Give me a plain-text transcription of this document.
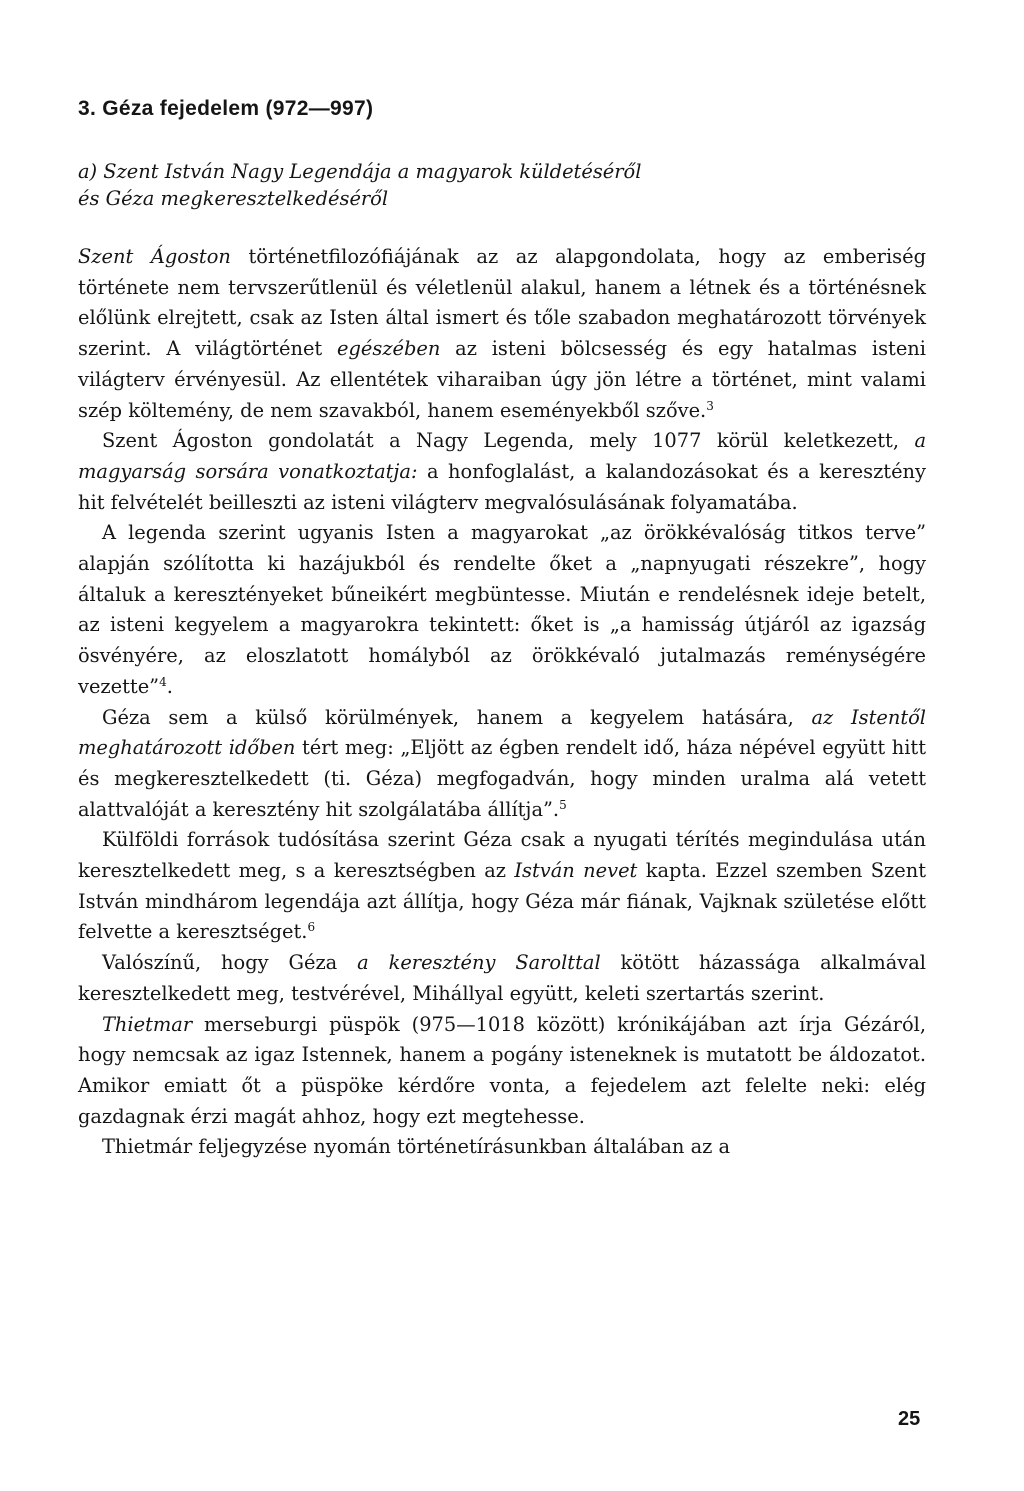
3. Géza fejedelem (972—997)
a) Szent István Nagy Legendája a magyarok küldetéséről
és Géza megkeresztelkedéséről

Szent Ágoston történetfilozófiájának az az alapgondolata, hogy az emberiség története nem tervszerűtlenül és véletlenül alakul, hanem a létnek és a történésnek előlünk elrejtett, csak az Isten által ismert és tőle szabadon meghatározott törvények szerint. A világtörténet egészében az isteni bölcsesség és egy hatalmas isteni világterv érvényesül. Az ellentétek viharaiban úgy jön létre a történet, mint valami szép költemény, de nem szavakból, hanem eseményekből szőve.$^3$

Szent Ágoston gondolatát a Nagy Legenda, mely 1077 körül keletkezett, a magyarság sorsára vonatkoztatja: a honfoglalást, a kalandozásokat és a keresztény hit felvételét beilleszti az isteni világterv megvalósulásának folyamatába.

A legenda szerint ugyanis Isten a magyarokat „az örökkévalóság titkos terve” alapján szólította ki hazájukból és rendelte őket a „napnyugati részekre”, hogy általuk a keresztényeket bűneikért megbüntesse. Miután e rendelésnek ideje betelt, az isteni kegyelem a magyarokra tekintett: őket is „a hamisság útjáról az igazság ösvényére, az eloszlatott homályból az örökkévaló jutalmazás reménységére vezette”$^4$.

Géza sem a külső körülmények, hanem a kegyelem hatására, az Istentől meghatározott időben tért meg: „Eljött az égben rendelt idő, háza népével együtt hitt és megkeresztelkedett (ti. Géza) megfogadván, hogy minden uralma alá vetett alattvalóját a keresztény hit szolgálatába állítja”.$^5$

Külföldi források tudósítása szerint Géza csak a nyugati térítés megindulása után keresztelkedett meg, s a keresztségben az István nevet kapta. Ezzel szemben Szent István mindhárom legendája azt állítja, hogy Géza már fiának, Vajknak születése előtt felvette a keresztséget.$^6$

Valószínű, hogy Géza a keresztény Sarolttal kötött házassága alkalmával keresztelkedett meg, testvérével, Mihállyal együtt, keleti szertartás szerint.

Thietmar merseburgi püspök (975—1018 között) krónikájában azt írja Gézáról, hogy nemcsak az igaz Istennek, hanem a pogány isteneknek is mutatott be áldozatot. Amikor emiatt őt a püspöke kérdőre vonta, a fejedelem azt felelte neki: elég gazdagnak érzi magát ahhoz, hogy ezt megtehesse.

Thietmár feljegyzése nyomán történetírásunkban általában az a

25
